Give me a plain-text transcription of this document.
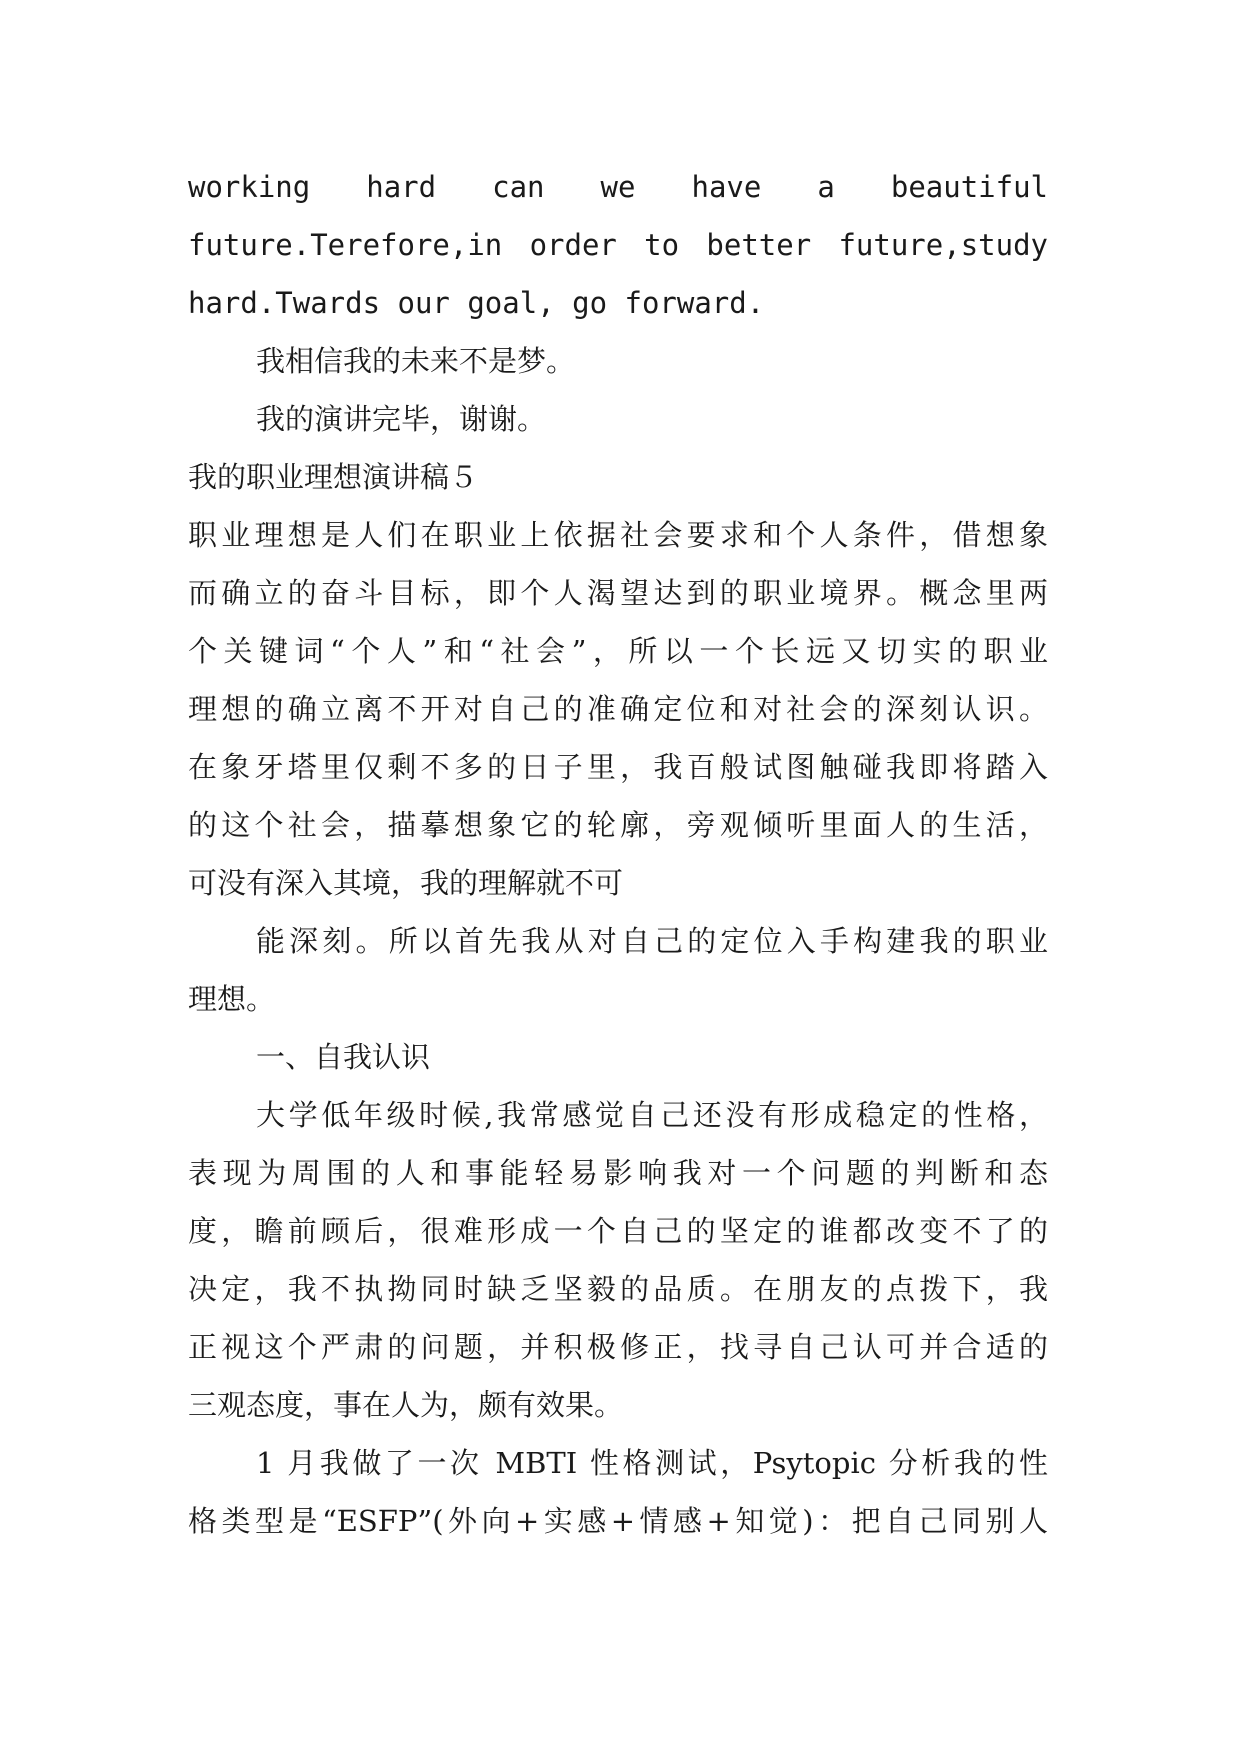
working hard can we have a beautiful
future.Terefore,in order to better future,study
hard.Twards our goal, go forward.
我相信我的未来不是梦。
我的演讲完毕，谢谢。
我的职业理想演讲稿５
职业理想是人们在职业上依据社会要求和个人条件，借想象
而确立的奋斗目标，即个人渴望达到的职业境界。概念里两
个关键词“个人”和“社会”，所以一个长远又切实的职业
理想的确立离不开对自己的准确定位和对社会的深刻认识。
在象牙塔里仅剩不多的日子里，我百般试图触碰我即将踏入
的这个社会，描摹想象它的轮廓，旁观倾听里面人的生活，
可没有深入其境，我的理解就不可
能深刻。所以首先我从对自己的定位入手构建我的职业
理想。
一、自我认识
大学低年级时候,我常感觉自己还没有形成稳定的性格，
表现为周围的人和事能轻易影响我对一个问题的判断和态
度，瞻前顾后，很难形成一个自己的坚定的谁都改变不了的
决定，我不执拗同时缺乏坚毅的品质。在朋友的点拨下，我
正视这个严肃的问题，并积极修正，找寻自己认可并合适的
三观态度，事在人为，颇有效果。
1 月我做了一次 MBTI 性格测试，Psytopic 分析我的性
格类型是“ESFP”(外向+实感+情感+知觉)：把自己同别人
